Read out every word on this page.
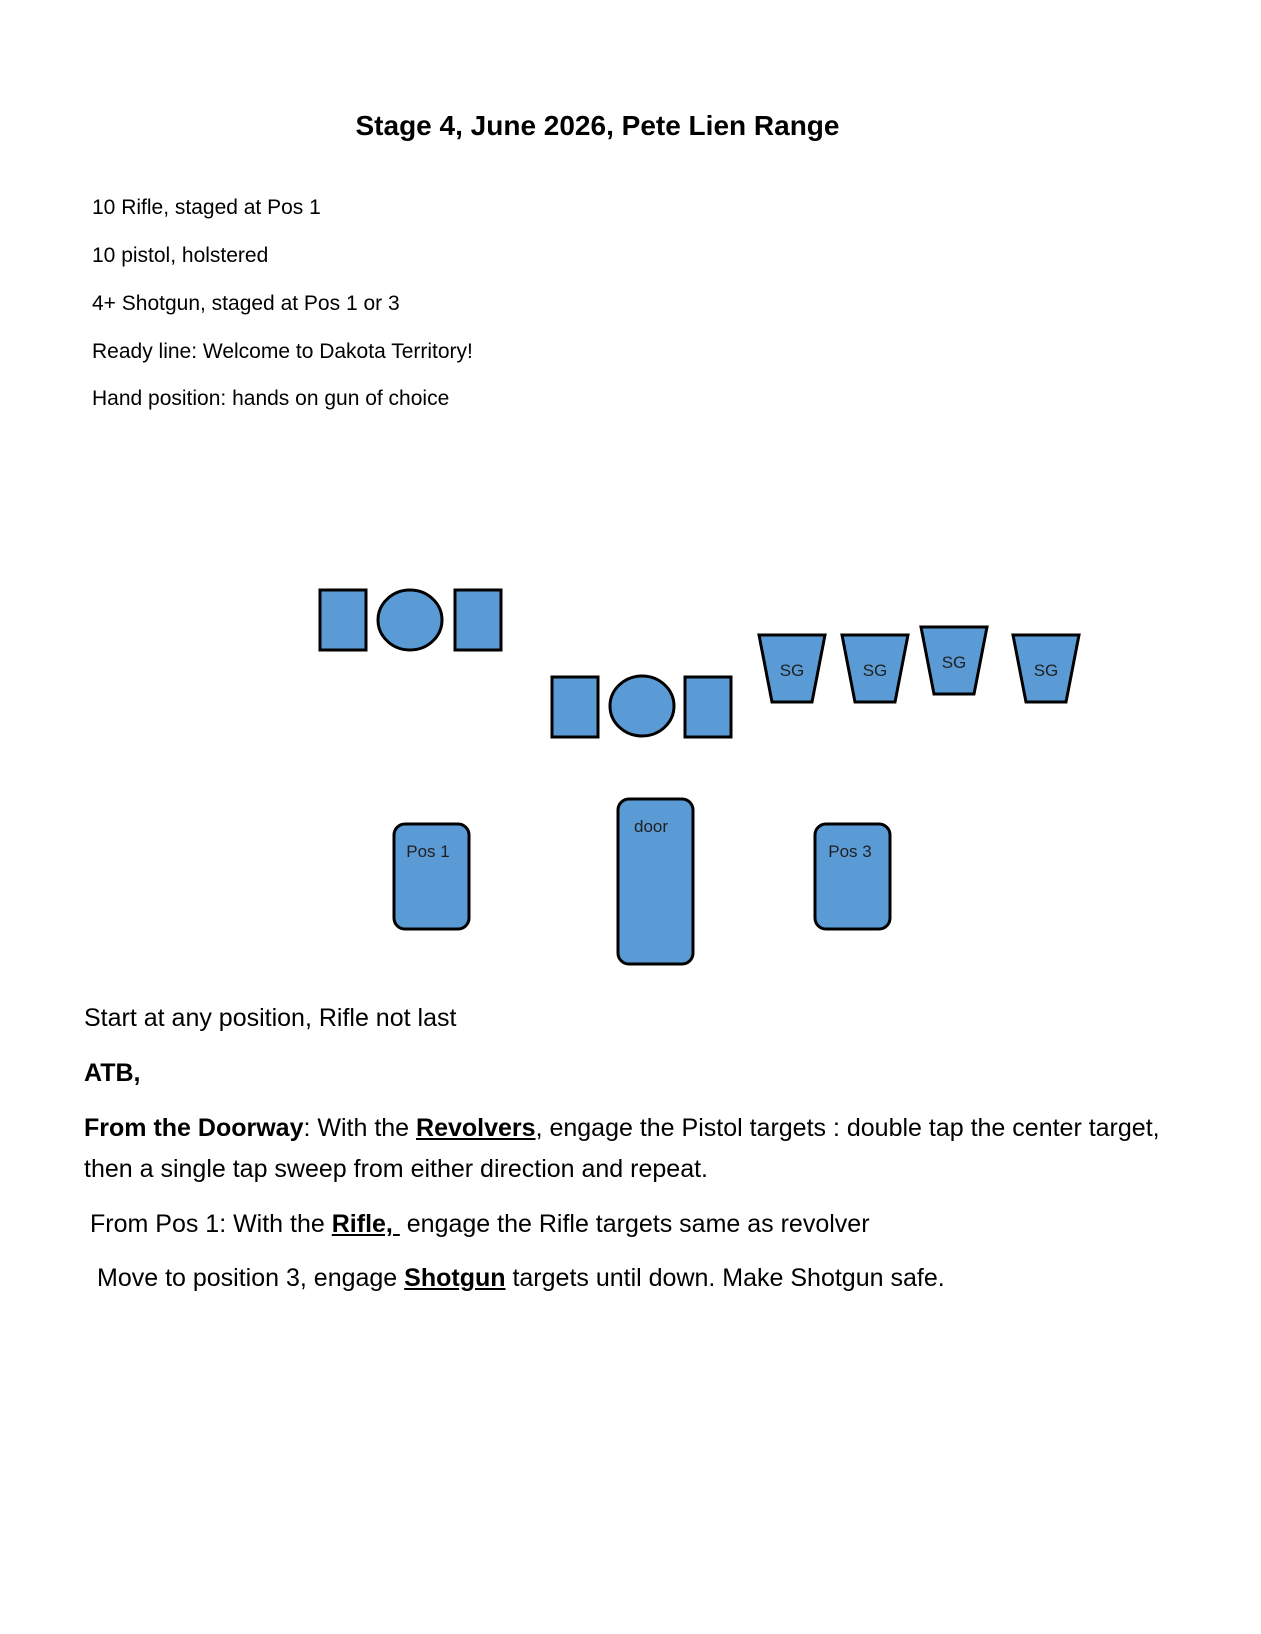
Stage 4, June 2026, Pete Lien Range
10 Rifle, staged at Pos 1
10 pistol, holstered
4+ Shotgun, staged at Pos 1 or 3
Ready line: Welcome to Dakota Territory!
Hand position: hands on gun of choice
SG	SG	SG	SG
Pos 1
door
Pos 3
Start at any position, Rifle not last
ATB,
From the Doorway: With the Revolvers, engage the Pistol targets : double tap the center target, then a single tap sweep from either direction and repeat.
From Pos 1: With the Rifle,  engage the Rifle targets same as revolver
Move to position 3, engage Shotgun targets until down. Make Shotgun safe.
